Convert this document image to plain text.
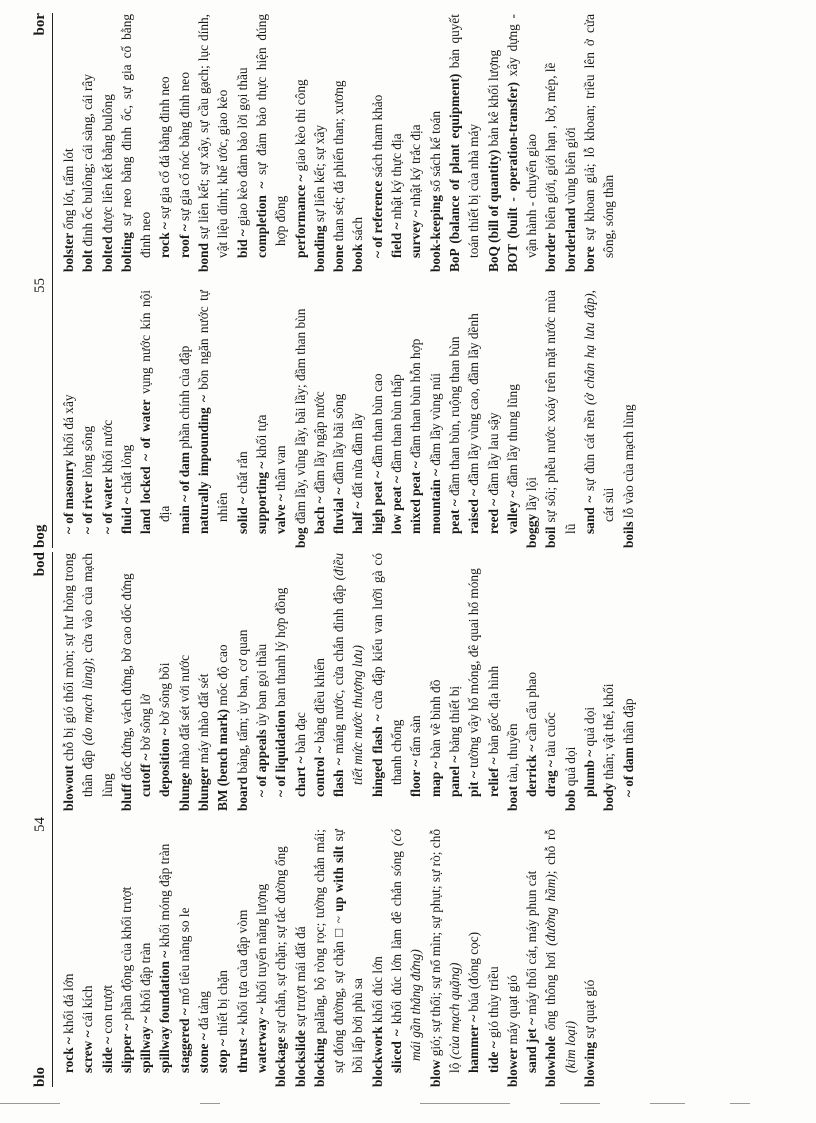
blo
54
bod

rock ~ khối đá lớn

screw ~ cái kích

slide ~ con trượt

slipper ~ phần động của khối trượt

spillway ~ khối đập tràn spillway foundation ~ khối móng đập tràn

staggered ~ mố tiêu năng so le

stone ~ đá tảng

stop ~ thiết bị chặn

thrust ~ khối tựa của đập vòm

waterway ~ khối tuyến năng lượng

blockage sự chắn, sự chặn; sự tắc đường ống

blockslide sự trượt mái đất đá

blocking palăng, bộ ròng rọc; tường chắn mái; sự đóng đường, sự chặn □ ~ up with silt sự bồi lấp bởi phù sa blockwork khối đúc lớn

sliced ~ khối đúc lớn làm đê chắn sóng (có mái gần thẳng đứng)

blow gió; sự thổi; sự nổ mìn; sự phụt; sự rò; chỗ lộ (của mạch quặng) hammer ~ búa (đóng cọc)

tide ~ gió thủy triều

blower máy quạt gió sand jet ~ máy thổi cát, máy phun cát

blowhole ống thông hơi (đường hầm); chỗ rỗ (kim loại) blowing sự quạt gió

blowout chỗ bị gió thổi mòn; sự hư hỏng trong thân đập (do mạch lùng); cửa vào của mạch lùng bluff dốc đứng, vách đứng, bờ cao dốc đứng cutoff ~ bờ sông lở

deposition ~ bờ sông bồi

blunge nhào đất sét với nước

blunger máy nhào đất sét BM (bench mark) mốc độ cao

board bảng, tấm; ủy ban, cơ quan ~ of appeals ủy ban gọi thầu

~ of liquidation ban thanh lý hợp đồng

chart ~ bàn đạc

control ~ bảng điều khiển

flash ~ máng nước, cửa chắn đỉnh đập (điều tiết mức nước thượng lưu) hinged flash ~ cửa đập kiểu van lưỡi gà có thanh chống floor ~ tấm sàn

map ~ bàn vẽ bình đồ

panel ~ bảng thiết bị

pit ~ tường vây hố móng, đê quai hố móng

relief ~ bản gốc địa hình

boat tàu, thuyền derrick ~ cần cẩu phao

drag ~ tàu cuốc

bob quả dọi plumb ~ quả dọi

body thân; vật thể, khối ~ of dam thân đập

bog
55
bor

~ of masonry khối đá xây

~ of river lòng sông

~ of water khối nước

fluid ~ chất lỏng land locked ~ of water vụng nước kín nội địa main ~ of dam phần chính của đập naturally impounding ~ bồn ngăn nước tự nhiên solid ~ chất rắn supporting ~ khối tựa

valve ~ thân van

bog đầm lầy, vũng lầy, bãi lầy; đầm than bùn bach ~ đầm lầy ngập nước

fluvial ~ đầm lầy bãi sông

half ~ đất nửa đầm lầy

high peat ~ đầm than bùn cao

low peat ~ đầm than bùn thấp

mixed peat ~ đầm than bùn hỗn hợp

mountain ~ đầm lầy vùng núi

peat ~ đầm than bùn, ruộng than bùn

raised ~ đầm lầy vùng cao, đầm lầy dềnh

reed ~ đầm lầy lau sậy

valley ~ đầm lầy thung lũng

boggy lầy lội

boil sự sôi; phễu nước xoáy trên mặt nước mùa lũ sand ~ sự đùn cát nền (ở chân hạ lưu đập), cát sủi

boils lỗ vào của mạch lùng

bolster ống lót, tấm lót

bolt đinh ốc bulông; cái sàng, cái rây

bolted được liên kết bằng bulông

bolting sự neo bằng đinh ốc, sự gia cố bằng đinh neo rock ~ sự gia cố đá bằng đinh neo

roof ~ sự gia cố nóc bằng đinh neo

bond sự liên kết; sự xây, sự cầu gạch; lục dính, vật liệu dính; khế ước, giao kèo bid ~ giao kèo đảm bảo lời gọi thầu completion ~ sự đảm bảo thực hiện đúng hợp đồng performance ~ giao kèo thi công

bonding sự liên kết; sự xây

bone than sét; đá phiến than; xương

book sách ~ of reference sách tham khảo

field ~ nhật ký thực địa

survey ~ nhật ký trắc địa

book-keeping sổ sách kế toán BoP (balance of plant equipment) bản quyết toán thiết bị của nhà máy BoQ (bill of quantity) bản kê khối lượng BOT (built - operation-transfer) xây dựng - vận hành - chuyển giao border biên giới, giới hạn , bờ, mép, lề

borderland vùng biên giới

bore sự khoan giả; lỗ khoan; triều lên ở cửa sông, sóng thần
